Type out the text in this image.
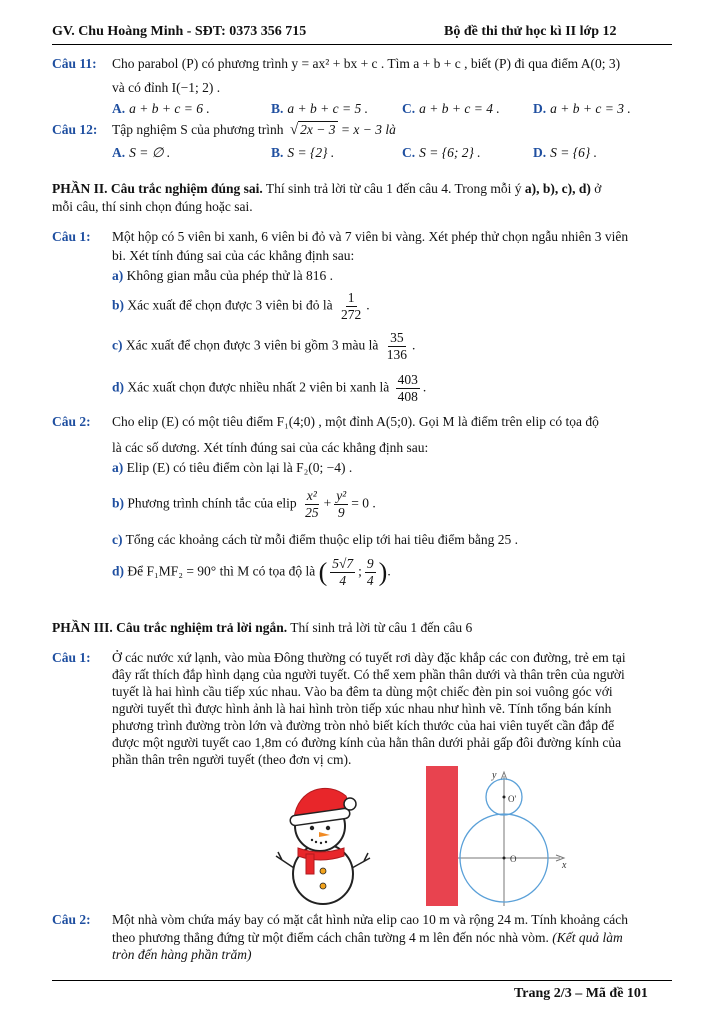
GV. Chu Hoàng Minh - SĐT: 0373 356 715	Bộ đề thi thử học kì II lớp 12
Câu 11: Cho parabol (P) có phương trình y = ax² + bx + c . Tìm a + b + c , biết (P) đi qua điểm A(0; 3)
và có đỉnh I(−1; 2) .
A. a + b + c = 6 .	B. a + b + c = 5 .	C. a + b + c = 4 . D. a + b + c = 3 .
Câu 12: Tập nghiệm S của phương trình √ 2x − 3 = x − 3 là
A. S = ∅ .	B. S = {2} .	C. S = {6; 2} .	D. S = {6} .
PHẦN II. Câu trắc nghiệm đúng sai. Thí sinh trả lời từ câu 1 đến câu 4. Trong mỗi ý a), b), c), d) ở
mỗi câu, thí sinh chọn đúng hoặc sai.
Câu 1: Một hộp có 5 viên bi xanh, 6 viên bi đỏ và 7 viên bi vàng. Xét phép thử chọn ngẫu nhiên 3 viên
bi. Xét tính đúng sai của các khẳng định sau:
a) Không gian mẫu của phép thử là 816 .
b) Xác xuất để chọn được 3 viên bi đỏ là $\frac{1}{272}$ .
c) Xác xuất để chọn được 3 viên bi gồm 3 màu là $\frac{35}{136}$ .
d) Xác xuất chọn được nhiều nhất 2 viên bi xanh là $\frac{403}{408}$ .
Câu 2: Cho elip (E) có một tiêu điểm F₁(4;0) , một đỉnh A(5;0). Gọi M là điểm trên elip có tọa độ
là các số dương. Xét tính đúng sai của các khẳng định sau:
a) Elip (E) có tiêu điểm còn lại là F₂(0; −4) .
b) Phương trình chính tắc của elip $\frac{\text{x²}}{25} + \frac{\text{y²}}{9} = 0$ .
c) Tổng các khoảng cách từ mỗi điểm thuộc elip tới hai tiêu điểm bằng 25 .
d) Để F₁MF₂ = 90° thì M có tọa độ là ( $\frac{5√7}{4}$ ; $\frac{9}{4}$ ).
PHẦN III. Câu trắc nghiệm trả lời ngắn. Thí sinh trả lời từ câu 1 đến câu 6
Câu 1: Ở các nước xứ lạnh, vào mùa Đông thường có tuyết rơi dày đặc khắp các con đường, trẻ em tại
đây rất thích đắp hình dạng của người tuyết. Có thể xem phần thân dưới và thân trên của người
tuyết là hai hình cầu tiếp xúc nhau. Vào ba đêm ta dùng một chiếc đèn pin soi vuông góc với
người tuyết thì được hình ảnh là hai hình tròn tiếp xúc nhau như hình vẽ. Tính tổng bán kính
phương trình đường tròn lớn và đường tròn nhỏ biết kích thước của hai viên tuyết cần đắp để
được một người tuyết cao 1,8m có đường kính của hằn thân dưới phải gấp đôi đường kính của
phần thân trên người tuyết (theo đơn vị cm).
y
x
O'
O
Câu 2: Một nhà vòm chứa máy bay có mặt cắt hình nửa elip cao 10 m và rộng 24 m. Tính khoảng cách
theo phương thẳng đứng từ một điểm cách chân tường 4 m lên đến nóc nhà vòm. (Kết quả làm
tròn đến hàng phần trăm)
Trang 2/3 – Mã đề 101
